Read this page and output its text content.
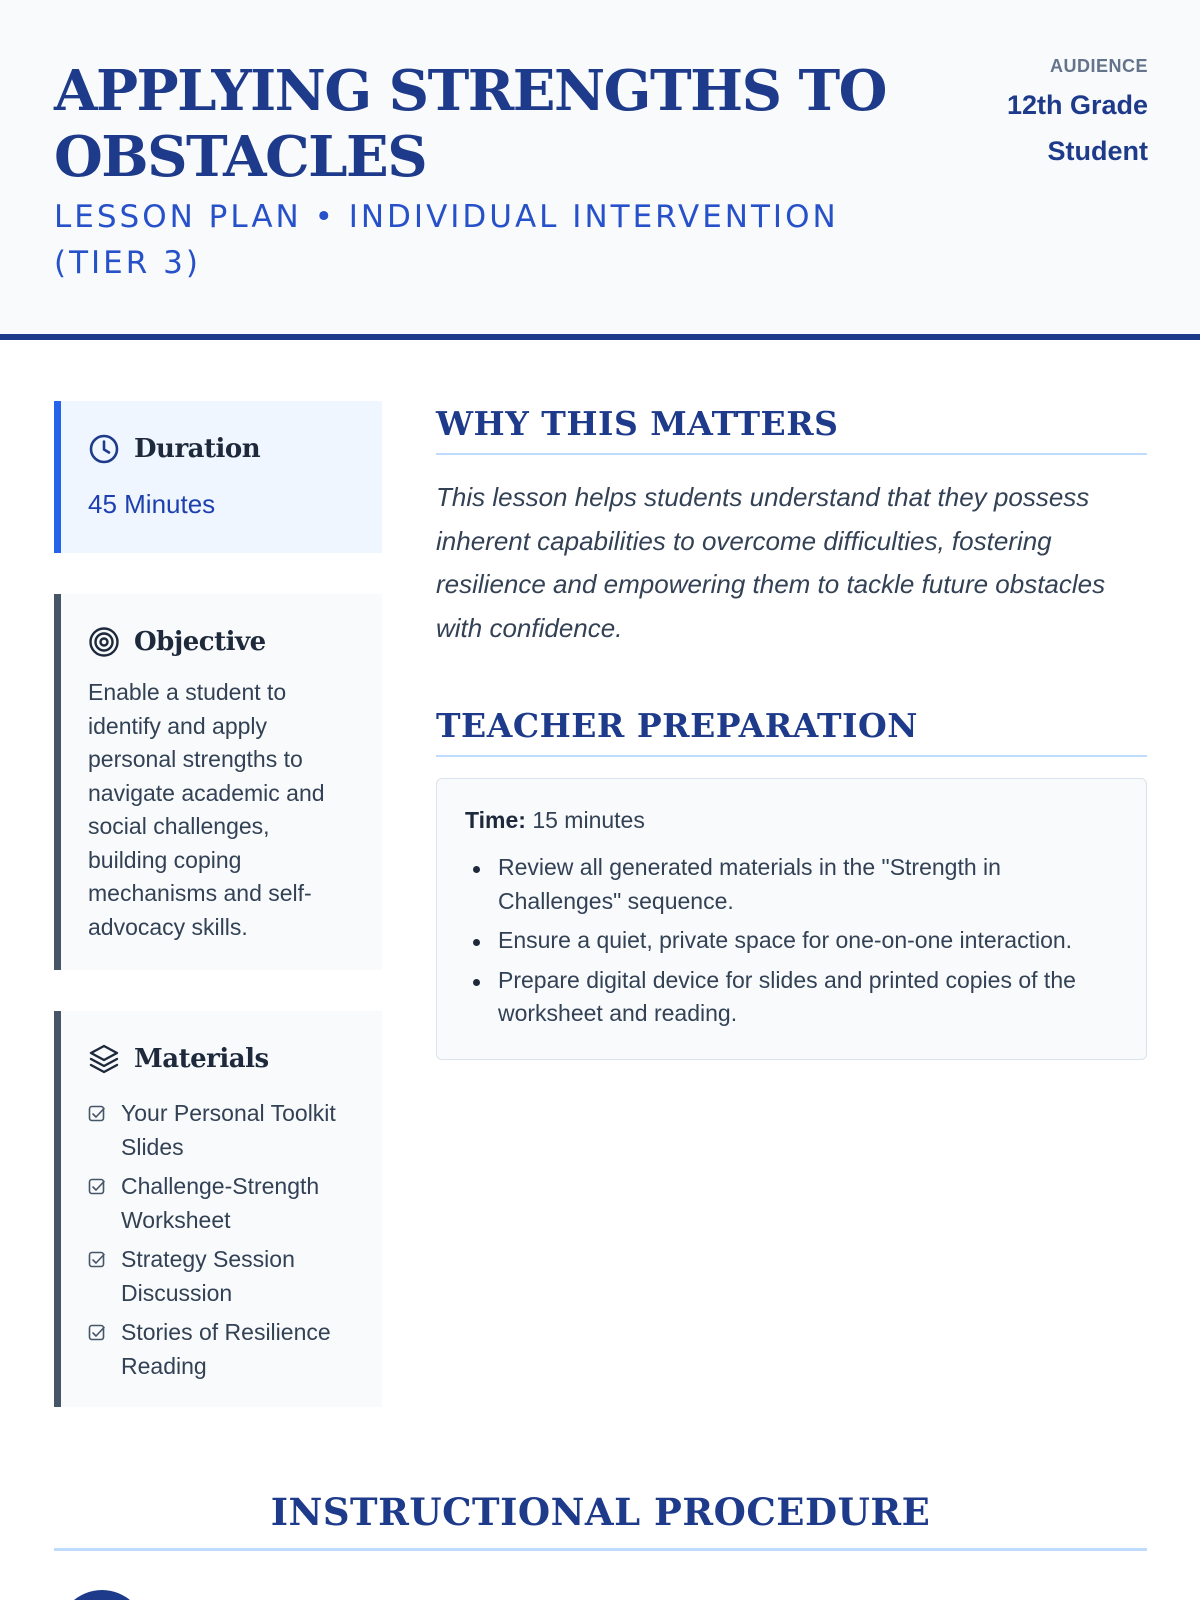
APPLYING STRENGTHS TO OBSTACLES
LESSON PLAN • INDIVIDUAL INTERVENTION (TIER 3)
AUDIENCE
12th Grade
Student
Duration
45 Minutes
Objective

Enable a student to identify and apply personal strengths to navigate academic and social challenges, building coping mechanisms and self-advocacy skills.

Materials
Your Personal Toolkit Slides
Challenge-Strength Worksheet
Strategy Session Discussion
Stories of Resilience Reading
WHY THIS MATTERS

This lesson helps students understand that they possess inherent capabilities to overcome difficulties, fostering resilience and empowering them to tackle future obstacles with confidence.

TEACHER PREPARATION
Time: 15 minutes
Review all generated materials in the "Strength in Challenges" sequence.
Ensure a quiet, private space for one-on-one interaction.
Prepare digital device for slides and printed copies of the worksheet and reading.
INSTRUCTIONAL PROCEDURE
